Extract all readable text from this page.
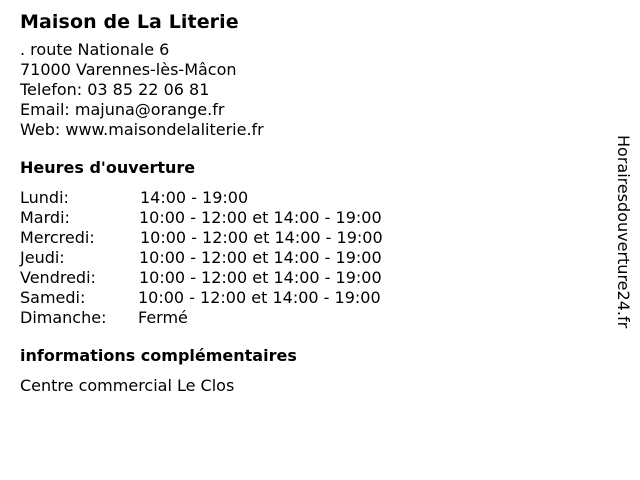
Maison de La Literie
. route Nationale 6
71000 Varennes-lès-Mâcon
Telefon: 03 85 22 06 81
Email: majuna@orange.fr
Web: www.maisondelaliterie.fr
Heures d'ouverture
Lundi:	14:00 - 19:00
Mardi:	10:00 - 12:00 et 14:00 - 19:00
Mercredi:	10:00 - 12:00 et 14:00 - 19:00
Jeudi:	10:00 - 12:00 et 14:00 - 19:00
Vendredi:	10:00 - 12:00 et 14:00 - 19:00
Samedi:	10:00 - 12:00 et 14:00 - 19:00
Dimanche:	Fermé
informations complémentaires
Centre commercial Le Clos
Horairesdouverture24.fr
